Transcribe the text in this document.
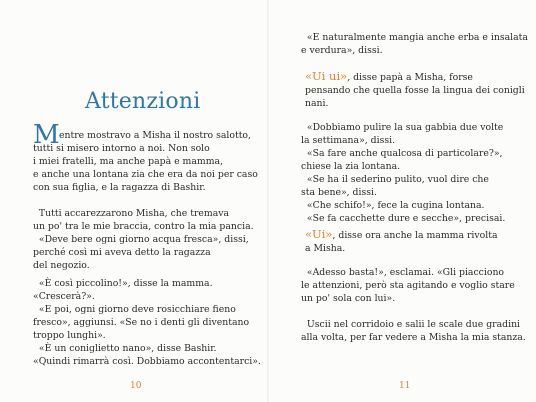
Attenzioni
M entre mostravo a Misha il nostro salotto,

tutti si misero intorno a noi. Non solo
i miei fratelli, ma anche papà e mamma,
e anche una lontana zia che era da noi per caso
con sua figlia, e la ragazza di Bashir.

Tutti accarezzarono Misha, che tremava
un po' tra le mie braccia, contro la mia pancia.
«Deve bere ogni giorno acqua fresca», dissi,
perché così mi aveva detto la ragazza
del negozio.

«È così piccolino!», disse la mamma.
«Crescerà?».
«E poi, ogni giorno deve rosicchiare fieno
fresco», aggiunsi. «Se no i denti gli diventano
troppo lunghi».
«È un coniglietto nano», disse Bashir.
«Quindi rimarrà così. Dobbiamo accontentarci».

10

«E naturalmente mangia anche erba e insalata
e verdura», dissi.

«Ui ui», disse papà a Misha, forse

pensando che quella fosse la lingua dei conigli
nani.

«Dobbiamo pulire la sua gabbia due volte
la settimana», dissi.
«Sa fare anche qualcosa di particolare?»,
chiese la zia lontana.
«Se ha il sederino pulito, vuol dire che
sta bene», dissi.
«Che schifo!», fece la cugina lontana.
«Se fa cacchette dure e secche», precisai.

«Ui», disse ora anche la mamma rivolta

a Misha.

«Adesso basta!», esclamai. «Gli piacciono
le attenzioni, però sta agitando e voglio stare
un po' sola con lui».

Uscii nel corridoio e salii le scale due gradini
alla volta, per far vedere a Misha la mia stanza.

11
